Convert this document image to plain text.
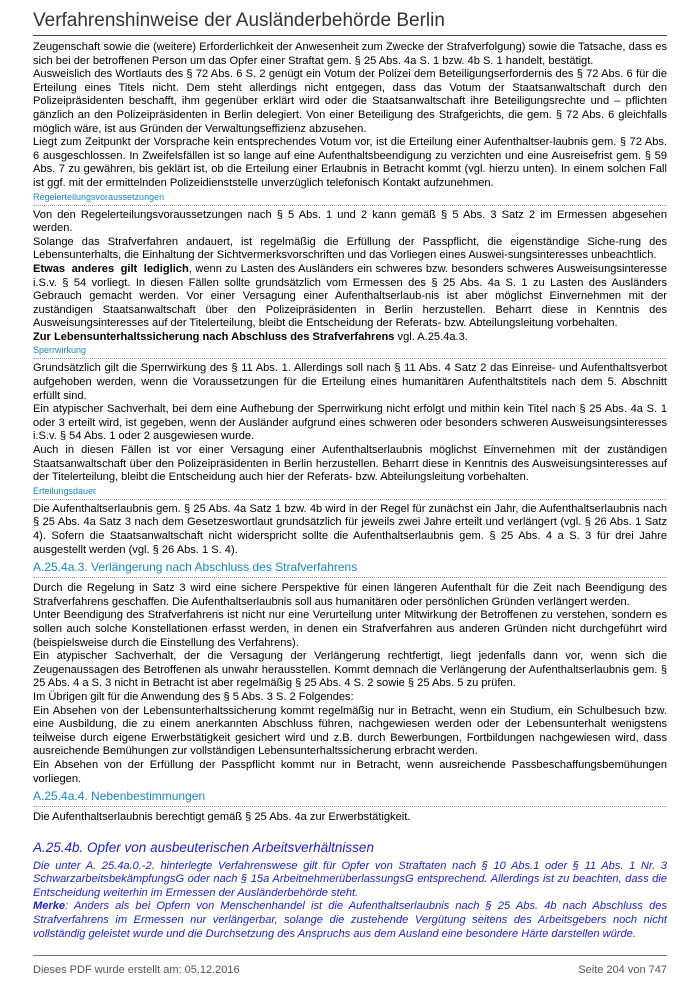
Verfahrenshinweise der Ausländerbehörde Berlin

Zeugenschaft sowie die (weitere) Erforderlichkeit der Anwesenheit zum Zwecke der Strafverfolgung) sowie die Tatsache, dass es sich bei der betroffenen Person um das Opfer einer Straftat gem. § 25 Abs. 4a S. 1 bzw. 4b S. 1 handelt, bestätigt.

Ausweislich des Wortlauts des § 72 Abs. 6 S. 2 genügt ein Votum der Polizei dem Beteiligungserfordernis des § 72 Abs. 6 für die Erteilung eines Titels nicht. Dem steht allerdings nicht entgegen, dass das Votum der Staatsanwaltschaft durch den Polizeipräsidenten beschafft, ihm gegenüber erklärt wird oder die Staatsanwaltschaft ihre Beteiligungsrechte und – pflichten gänzlich an den Polizeipräsidenten in Berlin delegiert. Von einer Beteiligung des Strafgerichts, die gem. § 72 Abs. 6 gleichfalls möglich wäre, ist aus Gründen der Verwaltungseffizienz abzusehen.

Liegt zum Zeitpunkt der Vorsprache kein entsprechendes Votum vor, ist die Erteilung einer Aufenthaltser-laubnis gem. § 72 Abs. 6 ausgeschlossen. In Zweifelsfällen ist so lange auf eine Aufenthaltsbeendigung zu verzichten und eine Ausreisefrist gem. § 59 Abs. 7 zu gewähren, bis geklärt ist, ob die Erteilung einer Erlaubnis in Betracht kommt (vgl. hierzu unten). In einem solchen Fall ist ggf. mit der ermittelnden Polizeidienststelle unverzüglich telefonisch Kontakt aufzunehmen.

Regelerteilungsvoraussetzungen

Von den Regelerteilungsvoraussetzungen nach § 5 Abs. 1 und 2 kann gemäß § 5 Abs. 3 Satz 2 im Ermessen abgesehen werden.

Solange das Strafverfahren andauert, ist regelmäßig die Erfüllung der Passpflicht, die eigenständige Siche-rung des Lebensunterhalts, die Einhaltung der Sichtvermerksvorschriften und das Vorliegen eines Auswei-sungsinteresses unbeachtlich.

Etwas anderes gilt lediglich, wenn zu Lasten des Ausländers ein schweres bzw. besonders schweres Ausweisungsinteresse i.S.v. § 54 vorliegt. In diesen Fällen sollte grundsätzlich vom Ermessen des § 25 Abs. 4a S. 1 zu Lasten des Ausländers Gebrauch gemacht werden. Vor einer Versagung einer Aufenthaltserlaub-nis ist aber möglichst Einvernehmen mit der zuständigen Staatsanwaltschaft über den Polizeipräsidenten in Berlin herzustellen. Beharrt diese in Kenntnis des Ausweisungsinteresses auf der Titelerteilung, bleibt die Entscheidung der Referats- bzw. Abteilungsleitung vorbehalten.

Zur Lebensunterhaltssicherung nach Abschluss des Strafverfahrens vgl. A.25.4a.3.

Sperrwirkung

Grundsätzlich gilt die Sperrwirkung des § 11 Abs. 1. Allerdings soll nach § 11 Abs. 4 Satz 2 das Einreise- und Aufenthaltsverbot aufgehoben werden, wenn die Voraussetzungen für die Erteilung eines humanitären Aufenthaltstitels nach dem 5. Abschnitt erfüllt sind.

Ein atypischer Sachverhalt, bei dem eine Aufhebung der Sperrwirkung nicht erfolgt und mithin kein Titel nach § 25 Abs. 4a S. 1 oder 3 erteilt wird, ist gegeben, wenn der Ausländer aufgrund eines schweren oder besonders schweren Ausweisungsinteresses i.S.v. § 54 Abs. 1 oder 2 ausgewiesen wurde.

Auch in diesen Fällen ist vor einer Versagung einer Aufenthaltserlaubnis möglichst Einvernehmen mit der zuständigen Staatsanwaltschaft über den Polizeipräsidenten in Berlin herzustellen. Beharrt diese in Kenntnis des Ausweisungsinteresses auf der Titelerteilung, bleibt die Entscheidung auch hier der Referats- bzw. Abteilungsleitung vorbehalten.

Erteilungsdauer

Die Aufenthaltserlaubnis gem. § 25 Abs. 4a Satz 1 bzw. 4b wird in der Regel für zunächst ein Jahr, die Aufenthaltserlaubnis nach § 25 Abs. 4a Satz 3 nach dem Gesetzeswortlaut grundsätzlich für jeweils zwei Jahre erteilt und verlängert (vgl. § 26 Abs. 1 Satz 4). Sofern die Staatsanwaltschaft nicht widerspricht sollte die Aufenthaltserlaubnis gem. § 25 Abs. 4 a S. 3 für drei Jahre ausgestellt werden (vgl. § 26 Abs. 1 S. 4).

A.25.4a.3. Verlängerung nach Abschluss des Strafverfahrens

Durch die Regelung in Satz 3 wird eine sichere Perspektive für einen längeren Aufenthalt für die Zeit nach Beendigung des Strafverfahrens geschaffen. Die Aufenthaltserlaubnis soll aus humanitären oder persönlichen Gründen verlängert werden.

Unter Beendigung des Strafverfahrens ist nicht nur eine Verurteilung unter Mitwirkung der Betroffenen zu verstehen, sondern es sollen auch solche Konstellationen erfasst werden, in denen ein Strafverfahren aus anderen Gründen nicht durchgeführt wird (beispielsweise durch die Einstellung des Verfahrens).

Ein atypischer Sachverhalt, der die Versagung der Verlängerung rechtfertigt, liegt jedenfalls dann vor, wenn sich die Zeugenaussagen des Betroffenen als unwahr herausstellen. Kommt demnach die Verlängerung der Aufenthaltserlaubnis gem. § 25 Abs. 4 a S. 3 nicht in Betracht ist aber regelmäßig § 25 Abs. 4 S. 2 sowie § 25 Abs. 5 zu prüfen.

Im Übrigen gilt für die Anwendung des § 5 Abs. 3 S. 2 Folgendes:

Ein Absehen von der Lebensunterhaltssicherung kommt regelmäßig nur in Betracht, wenn ein Studium, ein Schulbesuch bzw. eine Ausbildung, die zu einem anerkannten Abschluss führen, nachgewiesen werden oder der Lebensunterhalt wenigstens teilweise durch eigene Erwerbstätigkeit gesichert wird und z.B. durch Bewerbungen, Fortbildungen nachgewiesen wird, dass ausreichende Bemühungen zur vollständigen Lebensunterhaltssicherung erbracht werden.

Ein Absehen von der Erfüllung der Passpflicht kommt nur in Betracht, wenn ausreichende Passbeschaffungsbemühungen vorliegen.

A.25.4a.4. Nebenbestimmungen

Die Aufenthaltserlaubnis berechtigt gemäß § 25 Abs. 4a zur Erwerbstätigkeit.

A.25.4b. Opfer von ausbeuterischen Arbeitsverhältnissen

Die unter A. 25.4a.0.-2. hinterlegte Verfahrenswese gilt für Opfer von Straftaten nach § 10 Abs.1 oder § 11 Abs. 1 Nr. 3 SchwarzarbeitsbekämpfungsG oder nach § 15a ArbeitnehmerüberlassungsG entsprechend. Allerdings ist zu beachten, dass die Entscheidung weiterhin im Ermessen der Ausländerbehörde steht.

Merke: Anders als bei Opfern von Menschenhandel ist die Aufenthaltserlaubnis nach § 25 Abs. 4b nach Abschluss des Strafverfahrens im Ermessen nur verlängerbar, solange die zustehende Vergütung seitens des Arbeitsgebers noch nicht vollständig geleistet wurde und die Durchsetzung des Anspruchs aus dem Ausland eine besondere Härte darstellen würde.

Dieses PDF wurde erstellt am: 05.12.2016	Seite 204 von 747
